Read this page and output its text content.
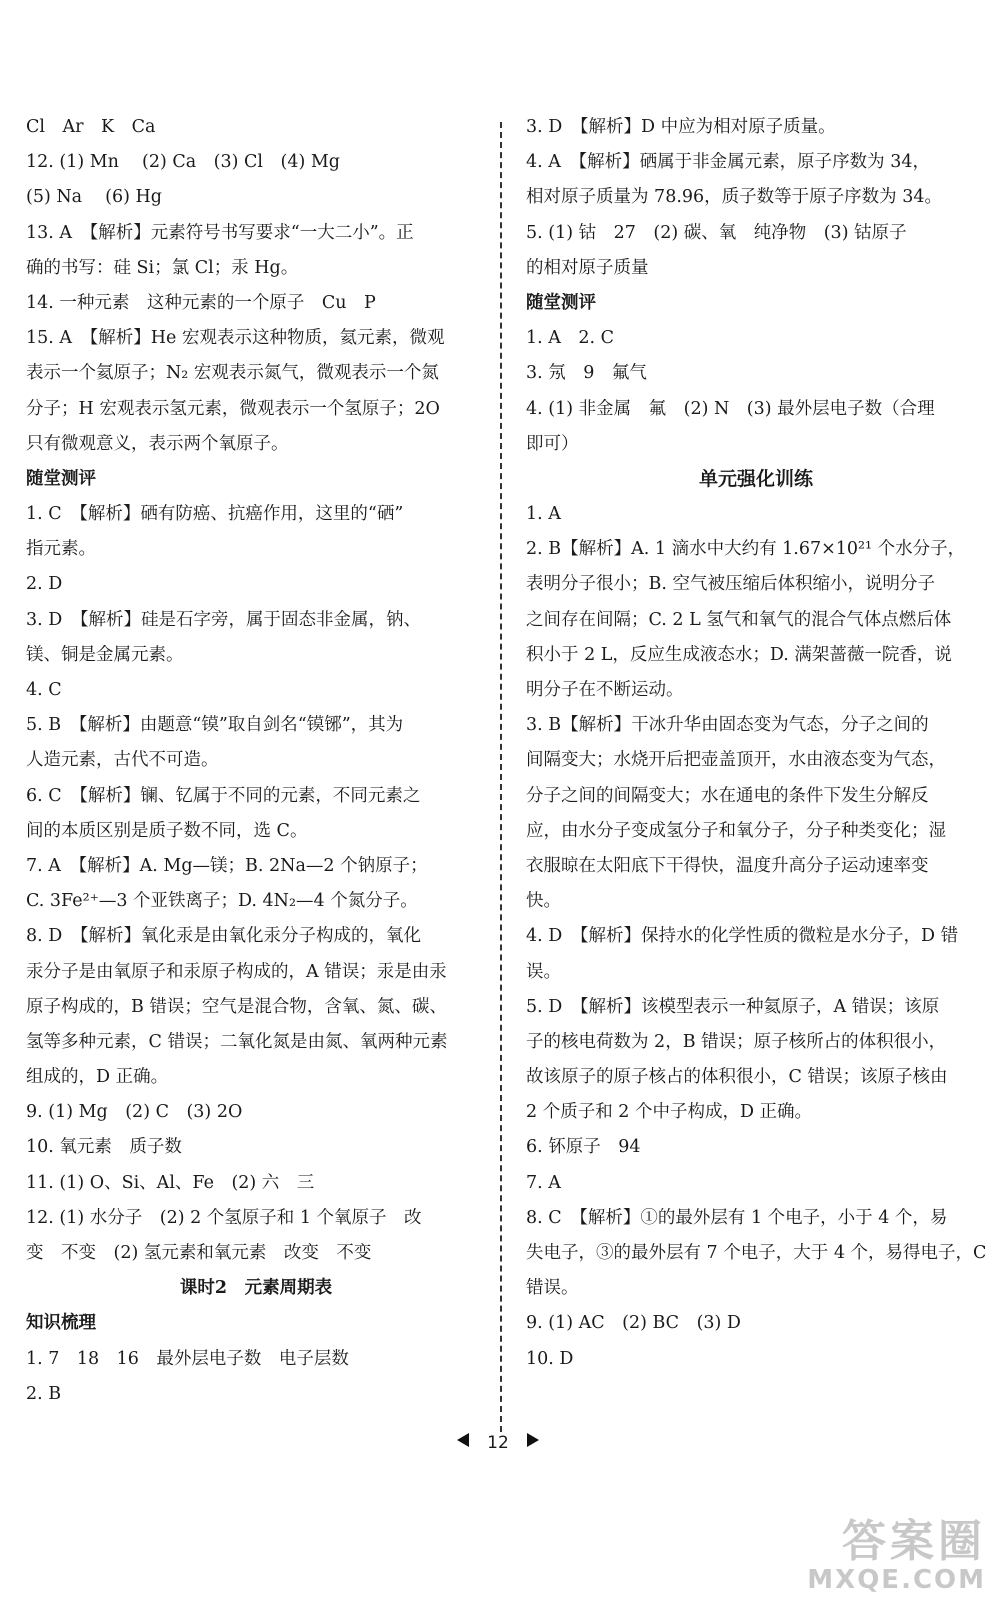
Cl　Ar　K　Ca
12. (1) Mn　 (2) Ca　(3) Cl　(4) Mg
(5) Na　 (6) Hg
13. A　【解析】元素符号书写要求“一大二小”。正
确的书写：硅 Si；氯 Cl；汞 Hg。
14. 一种元素　这种元素的一个原子　Cu　P
15. A　【解析】He 宏观表示这种物质，氦元素，微观
表示一个氦原子；N₂ 宏观表示氮气，微观表示一个氮
分子；H 宏观表示氢元素，微观表示一个氢原子；2O
只有微观意义，表示两个氧原子。
随堂测评
1. C　【解析】硒有防癌、抗癌作用，这里的“硒”
指元素。
2. D
3. D　【解析】硅是石字旁，属于固态非金属，钠、
镁、铜是金属元素。
4. C
5. B　【解析】由题意“镆”取自剑名“镆铘”，其为
人造元素，古代不可造。
6. C　【解析】镧、钇属于不同的元素，不同元素之
间的本质区别是质子数不同，选 C。
7. A　【解析】A. Mg—镁；B. 2Na—2 个钠原子；
C. 3Fe²⁺—3 个亚铁离子；D. 4N₂—4 个氮分子。
8. D　【解析】氧化汞是由氧化汞分子构成的，氧化
汞分子是由氧原子和汞原子构成的，A 错误；汞是由汞
原子构成的，B 错误；空气是混合物，含氧、氮、碳、
氢等多种元素，C 错误；二氧化氮是由氮、氧两种元素
组成的，D 正确。
9. (1) Mg　(2) C　(3) 2O
10. 氧元素　质子数
11. (1) O、Si、Al、Fe　(2) 六　三
12. (1) 水分子　(2) 2 个氢原子和 1 个氧原子　改
变　不变　(2) 氢元素和氧元素　改变　不变
课时2　元素周期表
知识梳理
1. 7　18　16　最外层电子数　电子层数
2. B
3. D　【解析】D 中应为相对原子质量。
4. A　【解析】硒属于非金属元素，原子序数为 34，
相对原子质量为 78.96，质子数等于原子序数为 34。
5. (1) 钴　27　(2) 碳、氧　纯净物　(3) 钴原子
的相对原子质量
随堂测评
1. A　2. C
3. 氖　9　氟气
4. (1) 非金属　氟　(2) N　(3) 最外层电子数（合理
即可）
单元强化训练
1. A
2. B【解析】A. 1 滴水中大约有 1.67×10²¹ 个水分子，
表明分子很小；B. 空气被压缩后体积缩小，说明分子
之间存在间隔；C. 2 L 氢气和氧气的混合气体点燃后体
积小于 2 L，反应生成液态水；D. 满架蔷薇一院香，说
明分子在不断运动。
3. B【解析】干冰升华由固态变为气态，分子之间的
间隔变大；水烧开后把壶盖顶开，水由液态变为气态，
分子之间的间隔变大；水在通电的条件下发生分解反
应，由水分子变成氢分子和氧分子，分子种类变化；湿
衣服晾在太阳底下干得快，温度升高分子运动速率变
快。
4. D　【解析】保持水的化学性质的微粒是水分子，D 错
误。
5. D　【解析】该模型表示一种氦原子，A 错误；该原
子的核电荷数为 2，B 错误；原子核所占的体积很小，
故该原子的原子核占的体积很小，C 错误；该原子核由
2 个质子和 2 个中子构成，D 正确。
6. 钚原子　94
7. A
8. C　【解析】①的最外层有 1 个电子，小于 4 个，易
失电子，③的最外层有 7 个电子，大于 4 个，易得电子，C
错误。
9. (1) AC　(2) BC　(3) D
10. D
12
答案圈
MXQE.COM
